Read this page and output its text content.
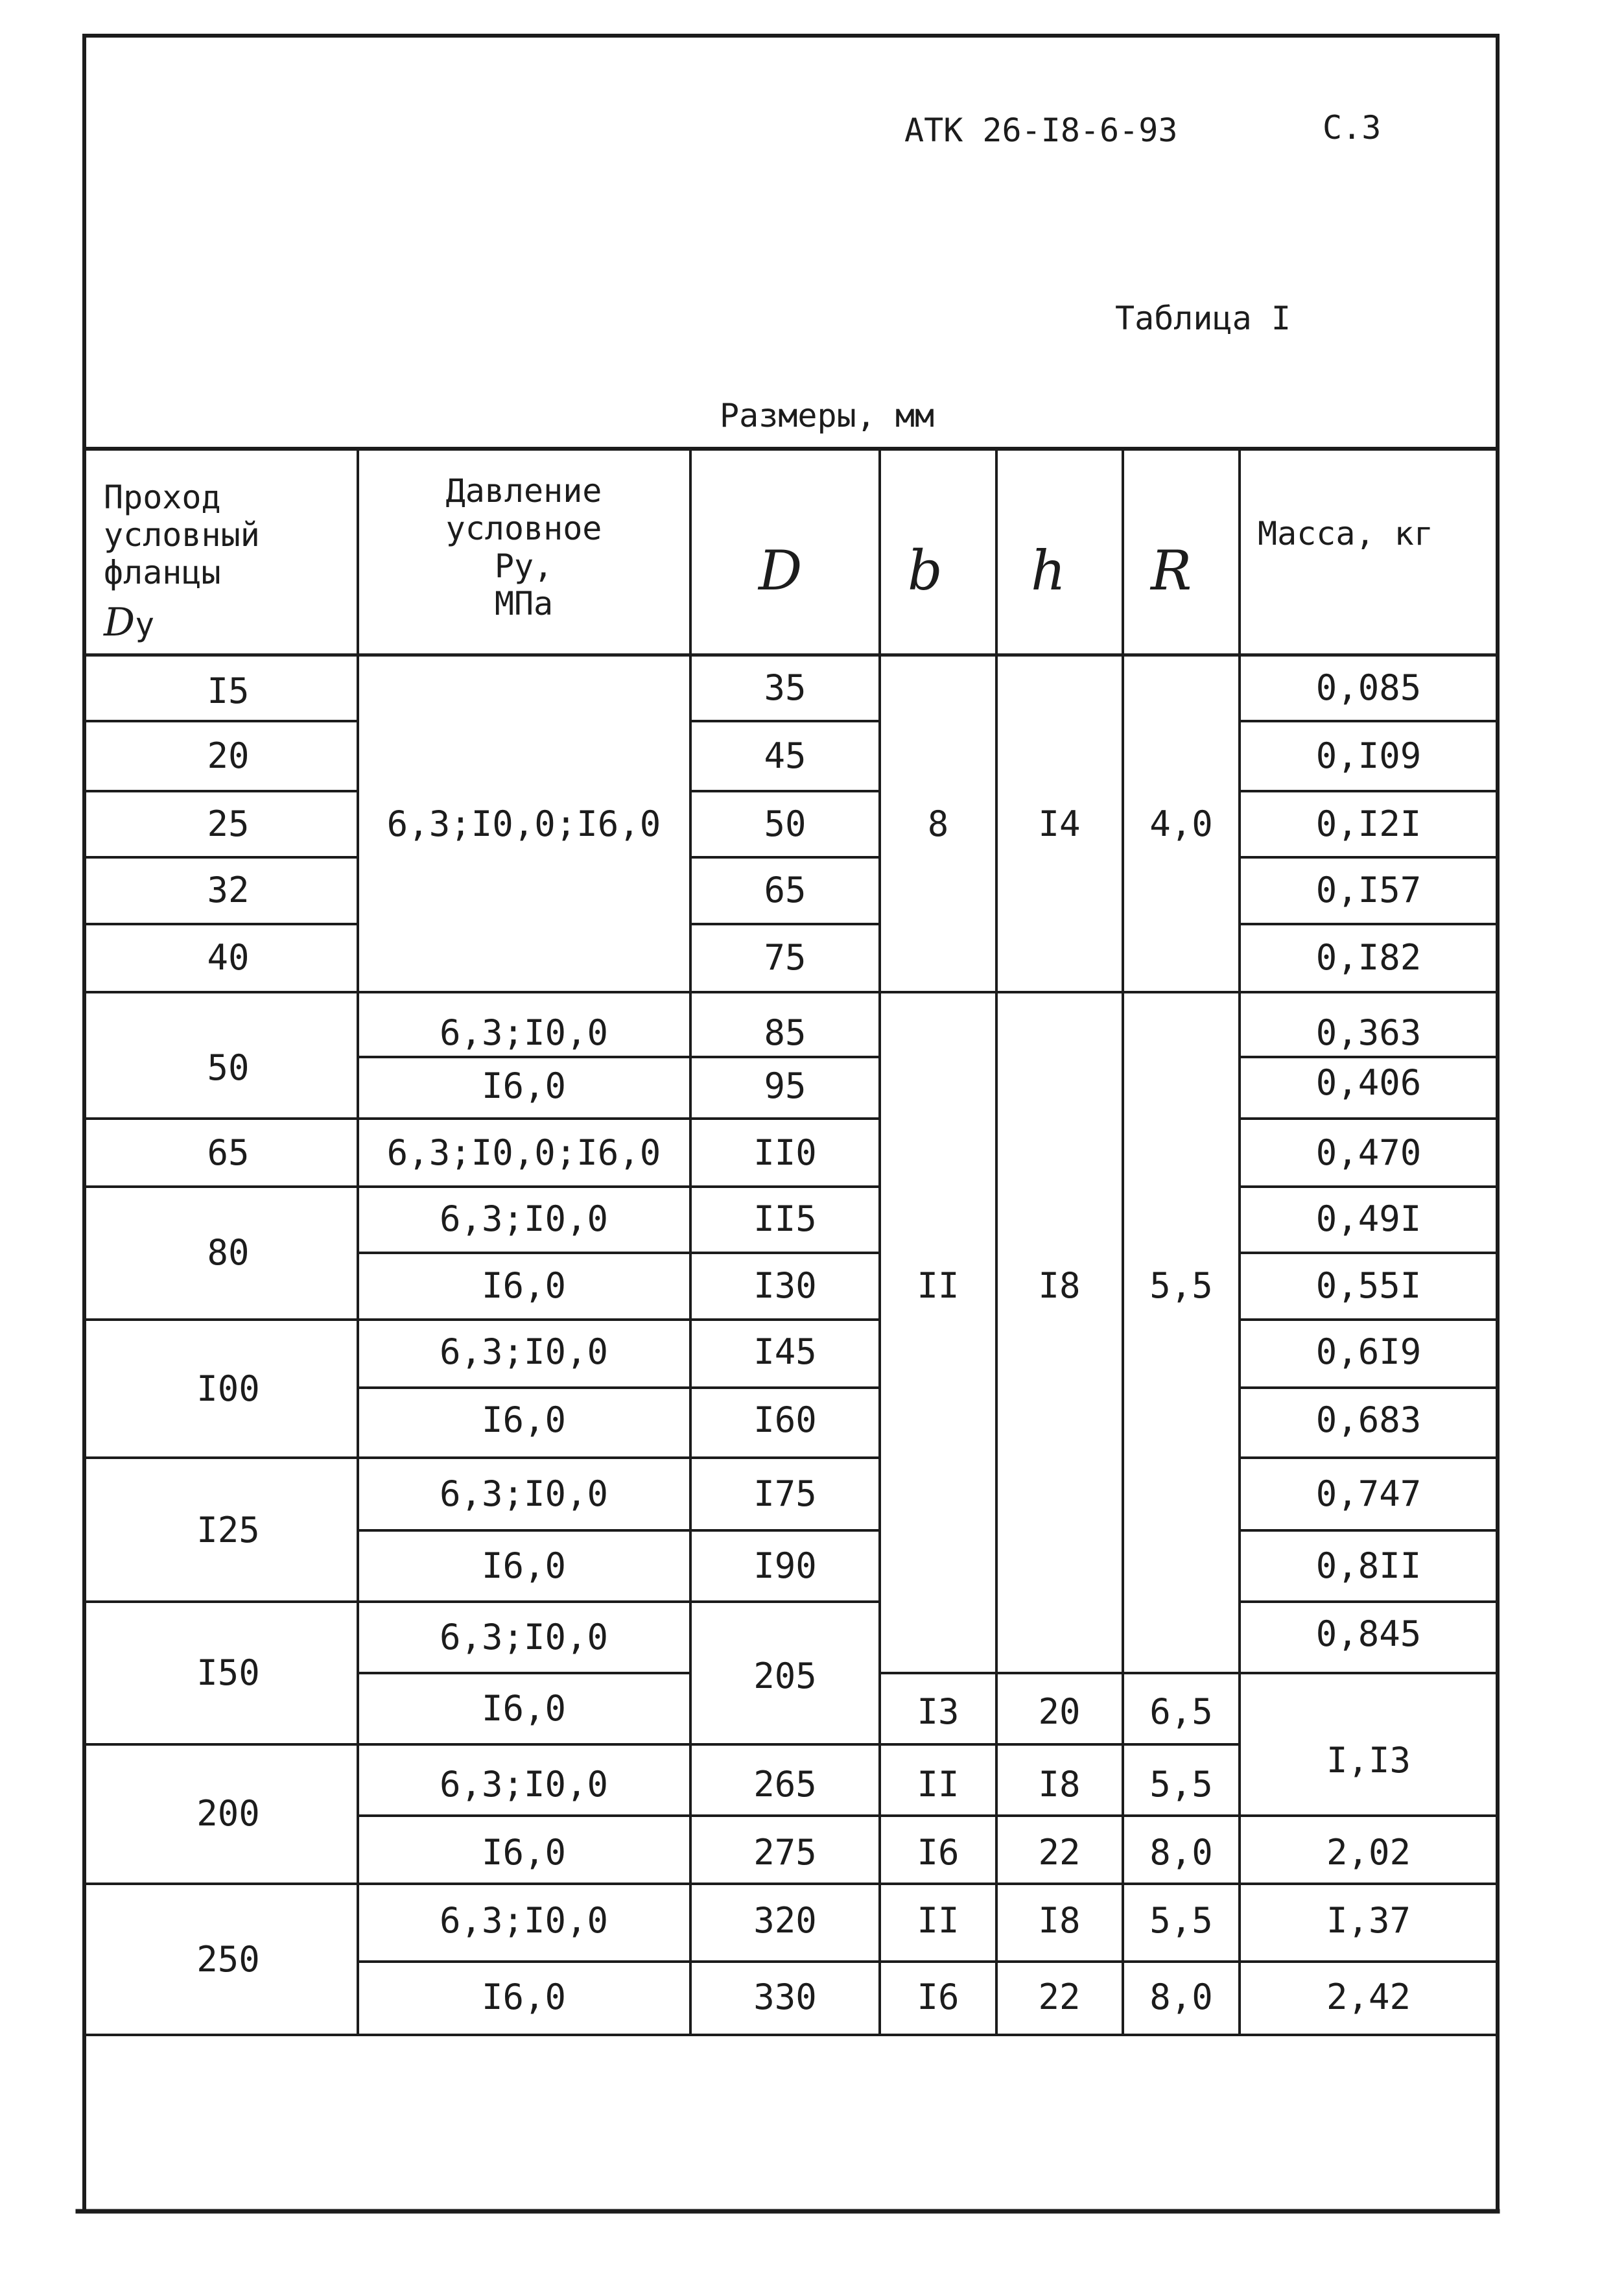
АТК 26-I8-6-93	С.3
Таблица I
Размеры, мм
Проход
условный
фланцы
Dу
Давление
условное
Ру,
МПа
D b h R
Масса, кг
I5
20
25
32
40
50
65
80
I00
I25
I50
200
250
6,3;I0,0;I6,0
6,3;I0,0
I6,0
6,3;I0,0;I6,0
6,3;I0,0
I6,0
6,3;I0,0
I6,0
6,3;I0,0
I6,0
6,3;I0,0
I6,0
6,3;I0,0
I6,0
6,3;I0,0
I6,0
35
45
50
65
75
85
95
II0
II5
I30
I45
I60
I75
I90
205
265
275
320
330
8
II
I3
II
I6
II
I6
I4
I8
20
I8
22
I8
22
4,0
5,5
6,5
5,5
8,0
5,5
8,0
0,085
0,I09
0,I2I
0,I57
0,I82
0,363
0,406
0,470
0,49I
0,55I
0,6I9
0,683
0,747
0,8II
0,845
I,I3
2,02
I,37
2,42
